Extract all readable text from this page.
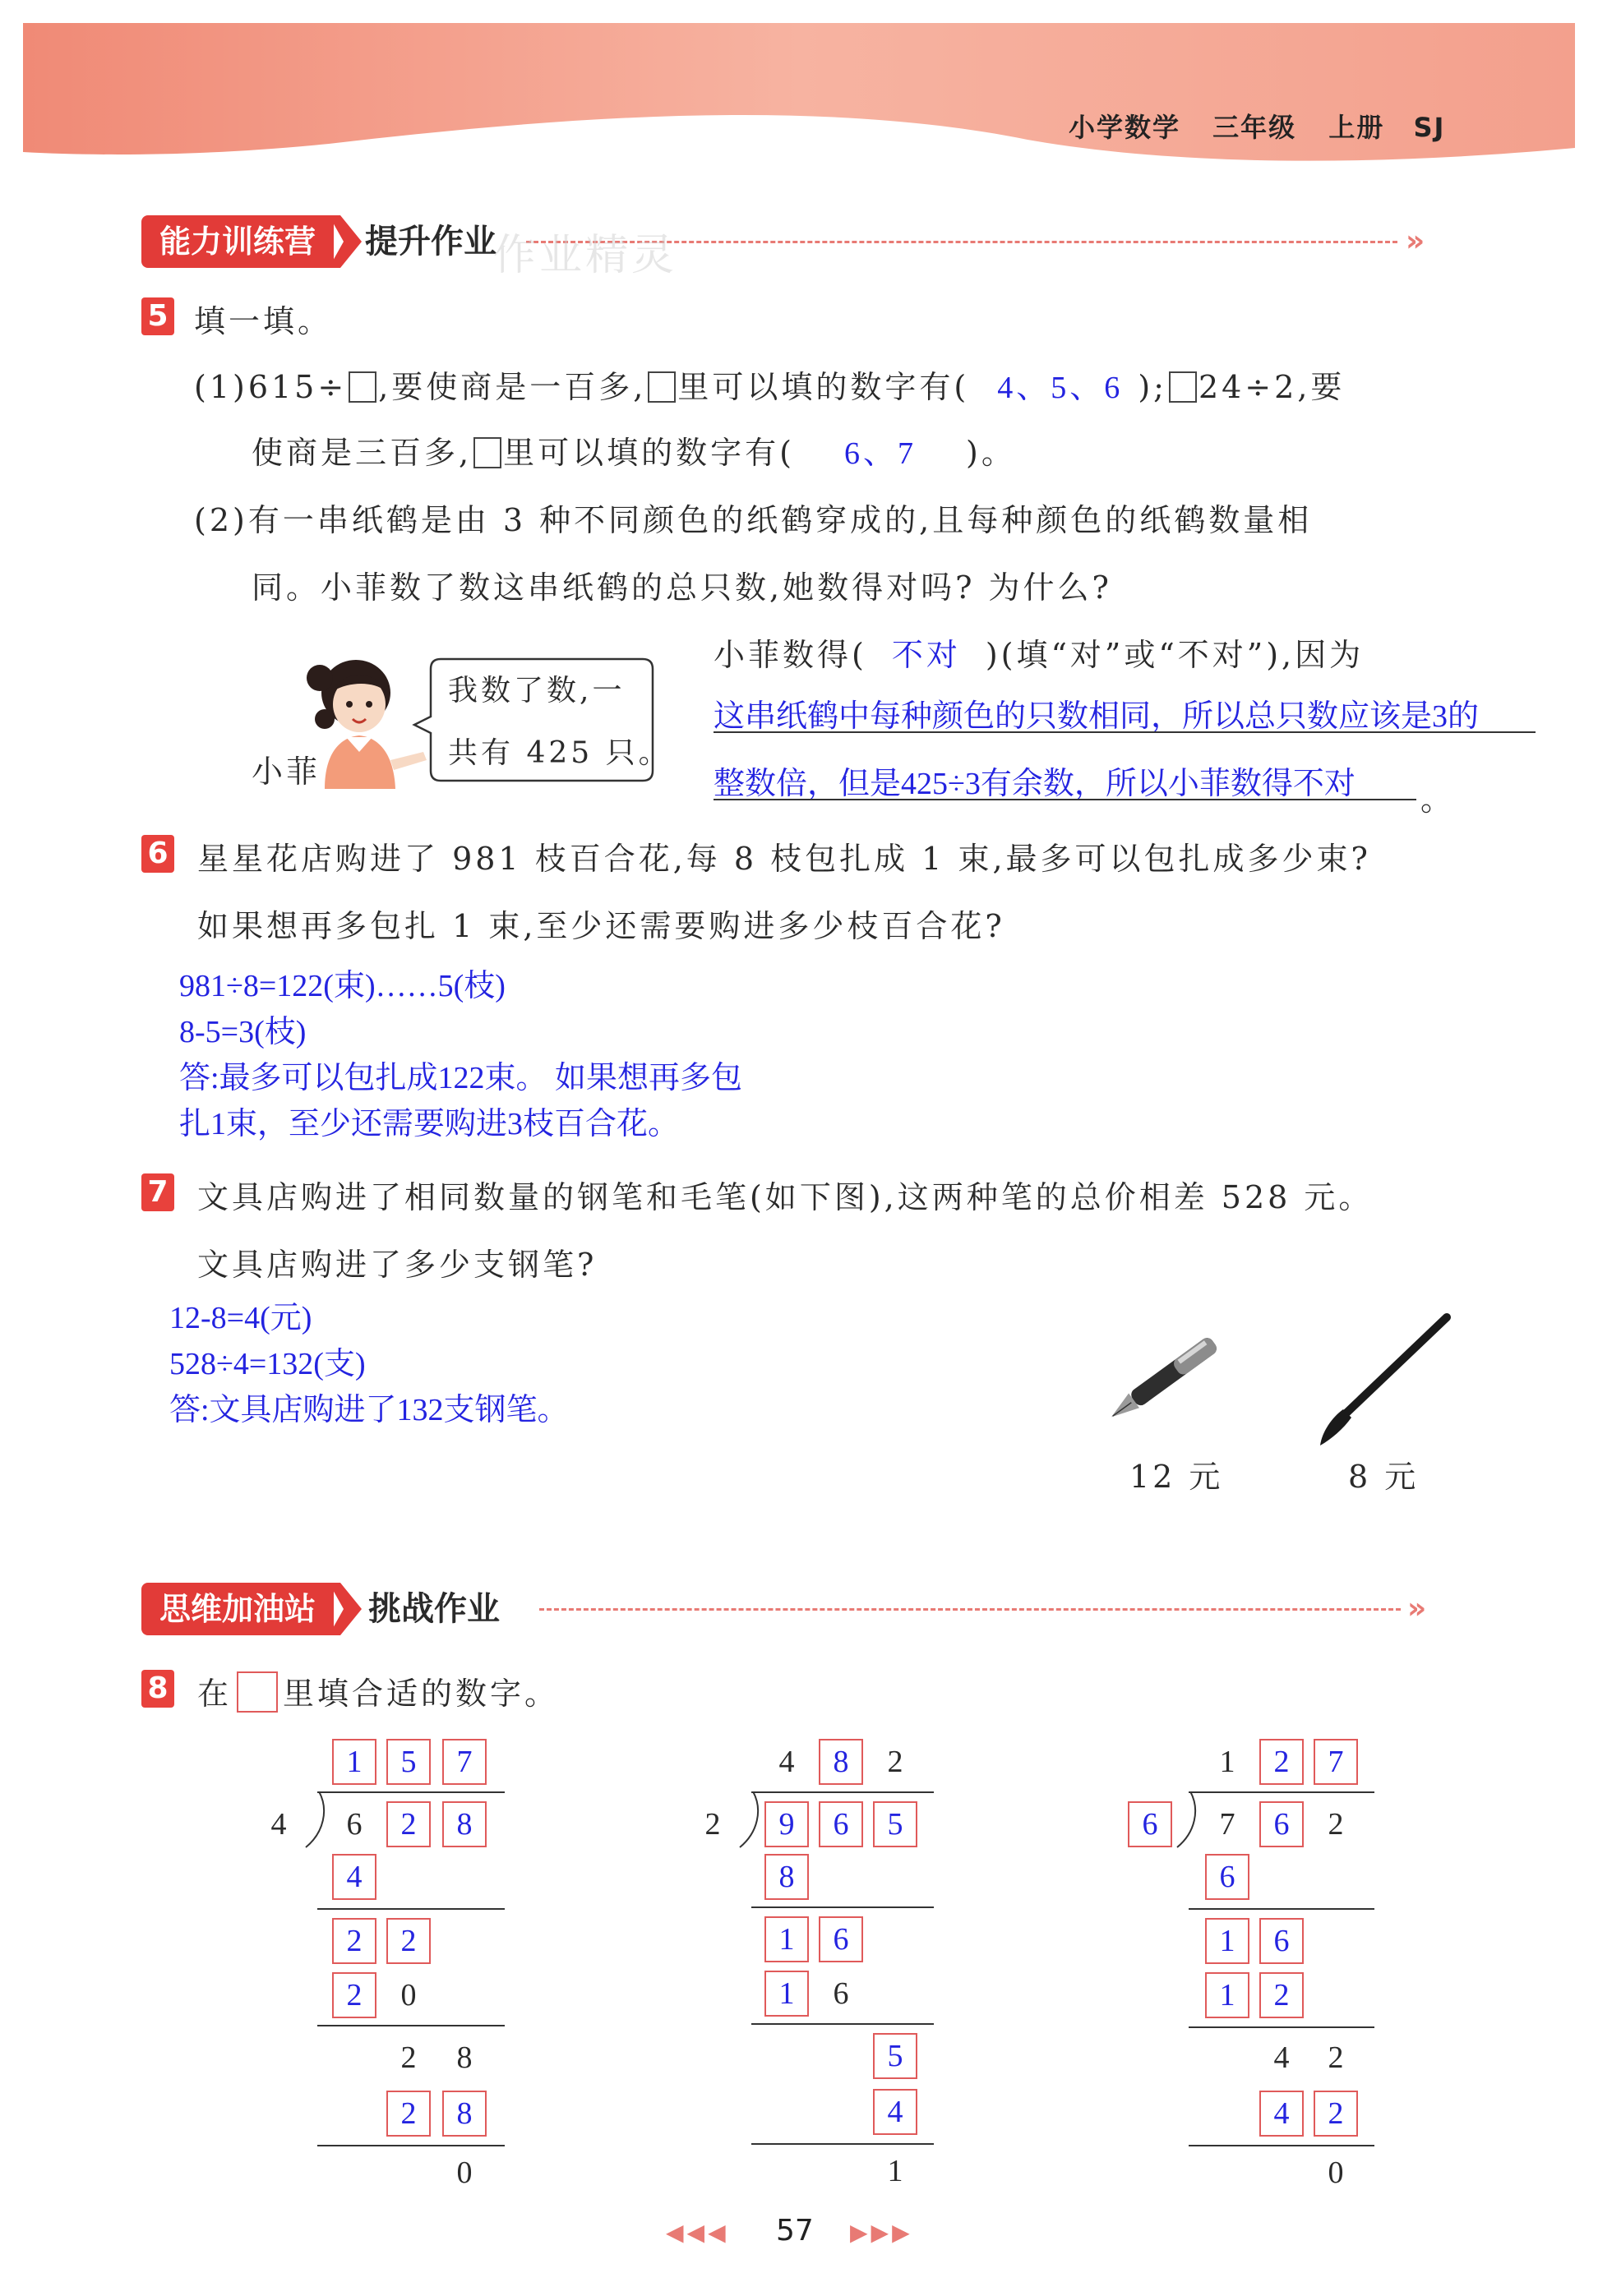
小学数学 三年级 上册 SJ
能力训练营	提升作业	»
作业精灵
5 填一填。
(1)615÷ ,要使商是一百多, 里可以填的数字有( 4、5、6 ); 24÷2,要
使商是三百多, 里可以填的数字有( 6、7 )。
(2)有一串纸鹤是由 3 种不同颜色的纸鹤穿成的,且每种颜色的纸鹤数量相
同。小菲数了数这串纸鹤的总只数,她数得对吗? 为什么?
小菲
我数了数,一
共有 425 只。
小菲数得( 不对 )(填“对”或“不对”),因为
这串纸鹤中每种颜色的只数相同，所以总只数应该是3的
整数倍，但是425÷3有余数，所以小菲数得不对 。
6 星星花店购进了 981 枝百合花,每 8 枝包扎成 1 束,最多可以包扎成多少束?
如果想再多包扎 1 束,至少还需要购进多少枝百合花?
981÷8=122(束)……5(枝)
8-5=3(枝)
答:最多可以包扎成122束。 如果想再多包
扎1束，至少还需要购进3枝百合花。
7 文具店购进了相同数量的钢笔和毛笔(如下图),这两种笔的总价相差 528 元。
文具店购进了多少支钢笔?
12-8=4(元)
528÷4=132(支)
答:文具店购进了132支钢笔。
12 元	8 元
思维加油站	挑战作业	»
8 在 里填合适的数字。
1	5	7
4	6	2	8
4
2	2
2	0
2	8
2	8
0
4	8	2
2	9	6	5
8
1	6
1	6
5
4
1
1	2	7
6	7	6	2
6
1	6
1	2
4	2
4	2
0
◀◀◀ 57 ▶▶▶
